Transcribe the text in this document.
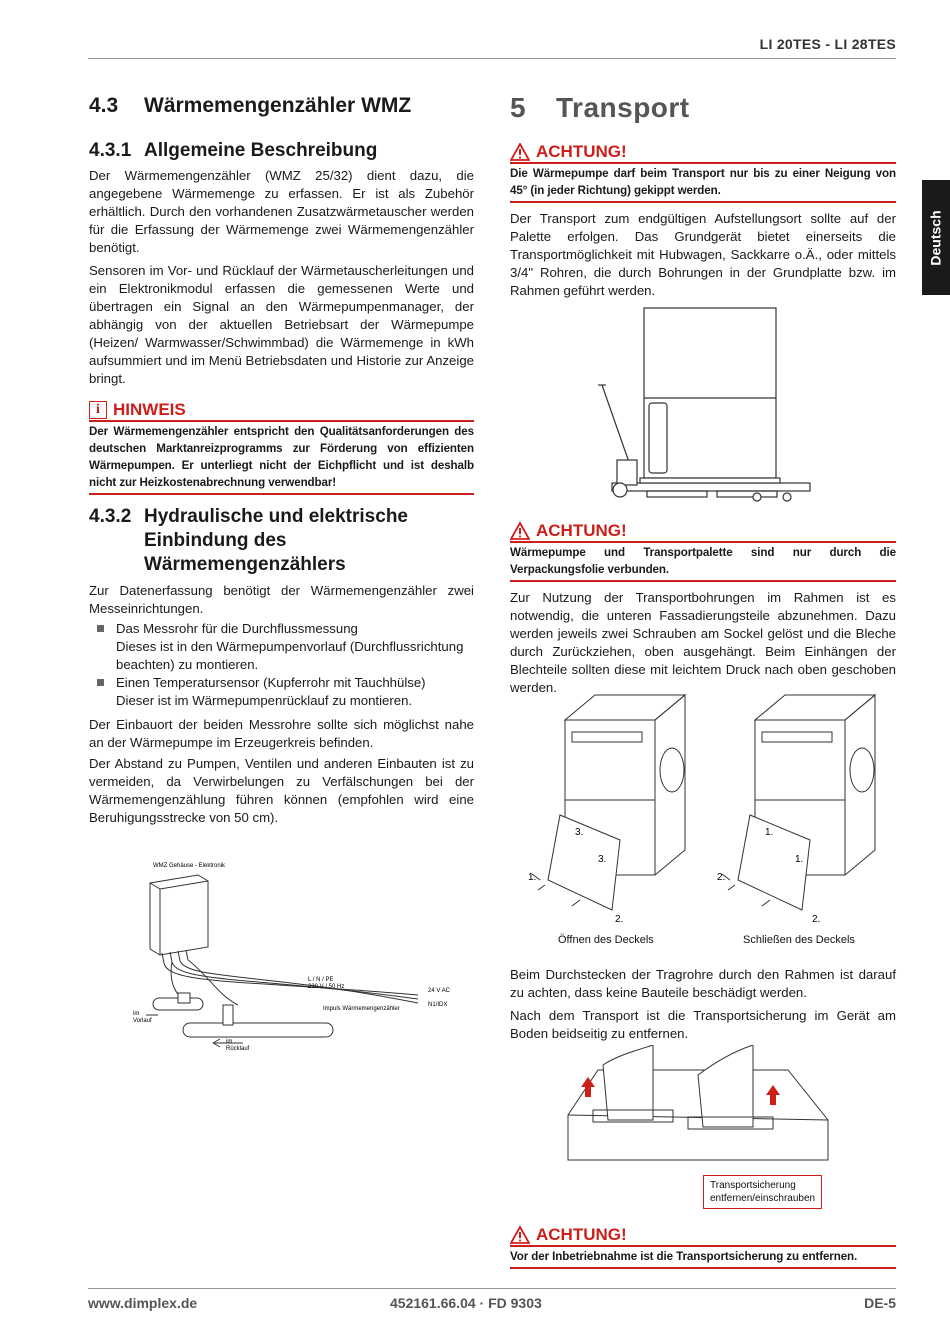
LI 20TES - LI 28TES
Deutsch
4.3 Wärmemengenzähler WMZ
4.3.1 Allgemeine Beschreibung

Der Wärmemengenzähler (WMZ 25/32) dient dazu, die angegebene Wärmemenge zu erfassen. Er ist als Zubehör erhältlich. Durch den vorhandenen Zusatzwärmetauscher werden für die Erfassung der Wärmemenge zwei Wärmemengenzähler benötigt.

Sensoren im Vor- und Rücklauf der Wärmetauscherleitungen und ein Elektronikmodul erfassen die gemessenen Werte und übertragen ein Signal an den Wärmepumpenmanager, der abhängig von der aktuellen Betriebsart der Wärmepumpe (Heizen/ Warmwasser/Schwimmbad) die Wärmemenge in kWh aufsummiert und im Menü Betriebsdaten und Historie zur Anzeige bringt.

i HINWEIS
Der Wärmemengenzähler entspricht den Qualitätsanforderungen des deutschen Marktanreizprogramms zur Förderung von effizienten Wärmepumpen. Er unterliegt nicht der Eichpflicht und ist deshalb nicht zur Heizkostenabrechnung verwendbar!
4.3.2 Hydraulische und elektrische Einbindung des Wärmemengenzählers

Zur Datenerfassung benötigt der Wärmemengenzähler zwei Messeinrichtungen.

Das Messrohr für die Durchflussmessung
Dieses ist in den Wärmepumpenvorlauf (Durchflussrichtung beachten) zu montieren.
Einen Temperatursensor (Kupferrohr mit Tauchhülse)
Dieser ist im Wärmepumpenrücklauf zu montieren.

Der Einbauort der beiden Messrohre sollte sich möglichst nahe an der Wärmepumpe im Erzeugerkreis befinden.

Der Abstand zu Pumpen, Ventilen und anderen Einbauten ist zu vermeiden, da Verwirbelungen zu Verfälschungen bei der Wärmemengenzählung führen können (empfohlen wird eine Beruhigungsstrecke von 50 cm).

WMZ Gehäuse - Elektronik
L / N / PE
230 V / 50 Hz
Impuls Wärmemengenzähler
24 V AC
N1/IDX
im
Vorlauf
im
Rücklauf
5 Transport
ACHTUNG!
Die Wärmepumpe darf beim Transport nur bis zu einer Neigung von 45° (in jeder Richtung) gekippt werden.

Der Transport zum endgültigen Aufstellungsort sollte auf der Palette erfolgen. Das Grundgerät bietet einerseits die Transportmöglichkeit mit Hubwagen, Sackkarre o.Ä., oder mittels 3/4" Rohren, die durch Bohrungen in der Grundplatte bzw. im Rahmen geführt werden.

ACHTUNG!
Wärmepumpe und Transportpalette sind nur durch die Verpackungsfolie verbunden.

Zur Nutzung der Transportbohrungen im Rahmen ist es notwendig, die unteren Fassadierungsteile abzunehmen. Dazu werden jeweils zwei Schrauben am Sockel gelöst und die Bleche durch Zurückziehen, oben ausgehängt. Beim Einhängen der Blechteile sollten diese mit leichtem Druck nach oben geschoben werden.

3.
3.
1.
2.
1.
1.
2.
2.
Öffnen des Deckels	Schließen des Deckels

Beim Durchstecken der Tragrohre durch den Rahmen ist darauf zu achten, dass keine Bauteile beschädigt werden.

Nach dem Transport ist die Transportsicherung im Gerät am Boden beidseitig zu entfernen.

Transportsicherung
entfernen/einschrauben
ACHTUNG!
Vor der Inbetriebnahme ist die Transportsicherung zu entfernen.
www.dimplex.de	452161.66.04 · FD 9303	DE-5
